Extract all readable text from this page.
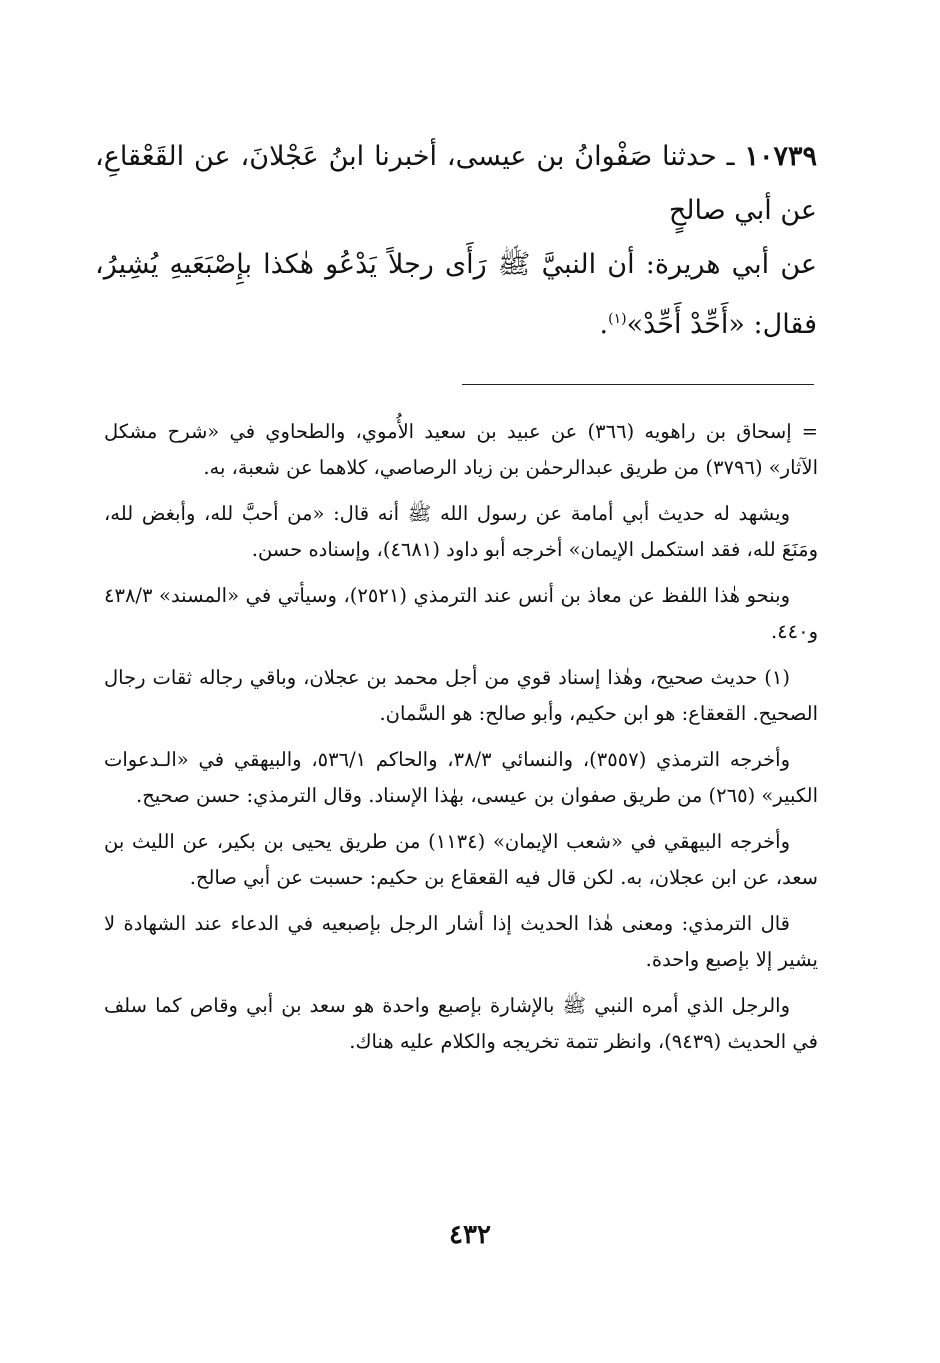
١٠٧٣٩ ـ حدثنا صَفْوانُ بن عيسى، أخبرنا ابنُ عَجْلانَ، عن القَعْقاعِ، عن أبي صالحٍ

عن أبي هريرة: أن النبيَّ ﷺ رَأَى رجلاً يَدْعُو هٰكذا بإِصْبَعَيهِ يُشِيرُ، فقال: «أَحِّدْ أَحِّدْ»$^{(١)}$.

=إسحاق بن راهويه (٣٦٦) عن عبيد بن سعيد الأُموي، والطحاوي في «شرح مشكل الآثار» (٣٧٩٦) من طريق عبدالرحمٰن بن زياد الرصاصي، كلاهما عن شعبة، به.

ويشهد له حديث أبي أمامة عن رسول الله ﷺ أنه قال: «من أحبَّ لله، وأبغض لله، ومَنَعَ لله، فقد استكمل الإيمان» أخرجه أبو داود (٤٦٨١)، وإسناده حسن.

وبنحو هٰذا اللفظ عن معاذ بن أنس عند الترمذي (٢٥٢١)، وسيأتي في «المسند» ٤٣٨/٣ و٤٤٠.

(١) حديث صحيح، وهٰذا إسناد قوي من أجل محمد بن عجلان، وباقي رجاله ثقات رجال الصحيح. القعقاع: هو ابن حكيم، وأبو صالح: هو السَّمان.

وأخرجه الترمذي (٣٥٥٧)، والنسائي ٣٨/٣، والحاكم ٥٣٦/١، والبيهقي في «الـدعوات الكبير» (٢٦٥) من طريق صفوان بن عيسى، بهٰذا الإسناد. وقال الترمذي: حسن صحيح.

وأخرجه البيهقي في «شعب الإيمان» (١١٣٤) من طريق يحيى بن بكير، عن الليث بن سعد، عن ابن عجلان، به. لكن قال فيه القعقاع بن حكيم: حسبت عن أبي صالح.

قال الترمذي: ومعنى هٰذا الحديث إذا أشار الرجل بإصبعيه في الدعاء عند الشهادة لا يشير إلا بإصبع واحدة.

والرجل الذي أمره النبي ﷺ بالإشارة بإصبع واحدة هو سعد بن أبي وقاص كما سلف في الحديث (٩٤٣٩)، وانظر تتمة تخريجه والكلام عليه هناك.

٤٣٢
